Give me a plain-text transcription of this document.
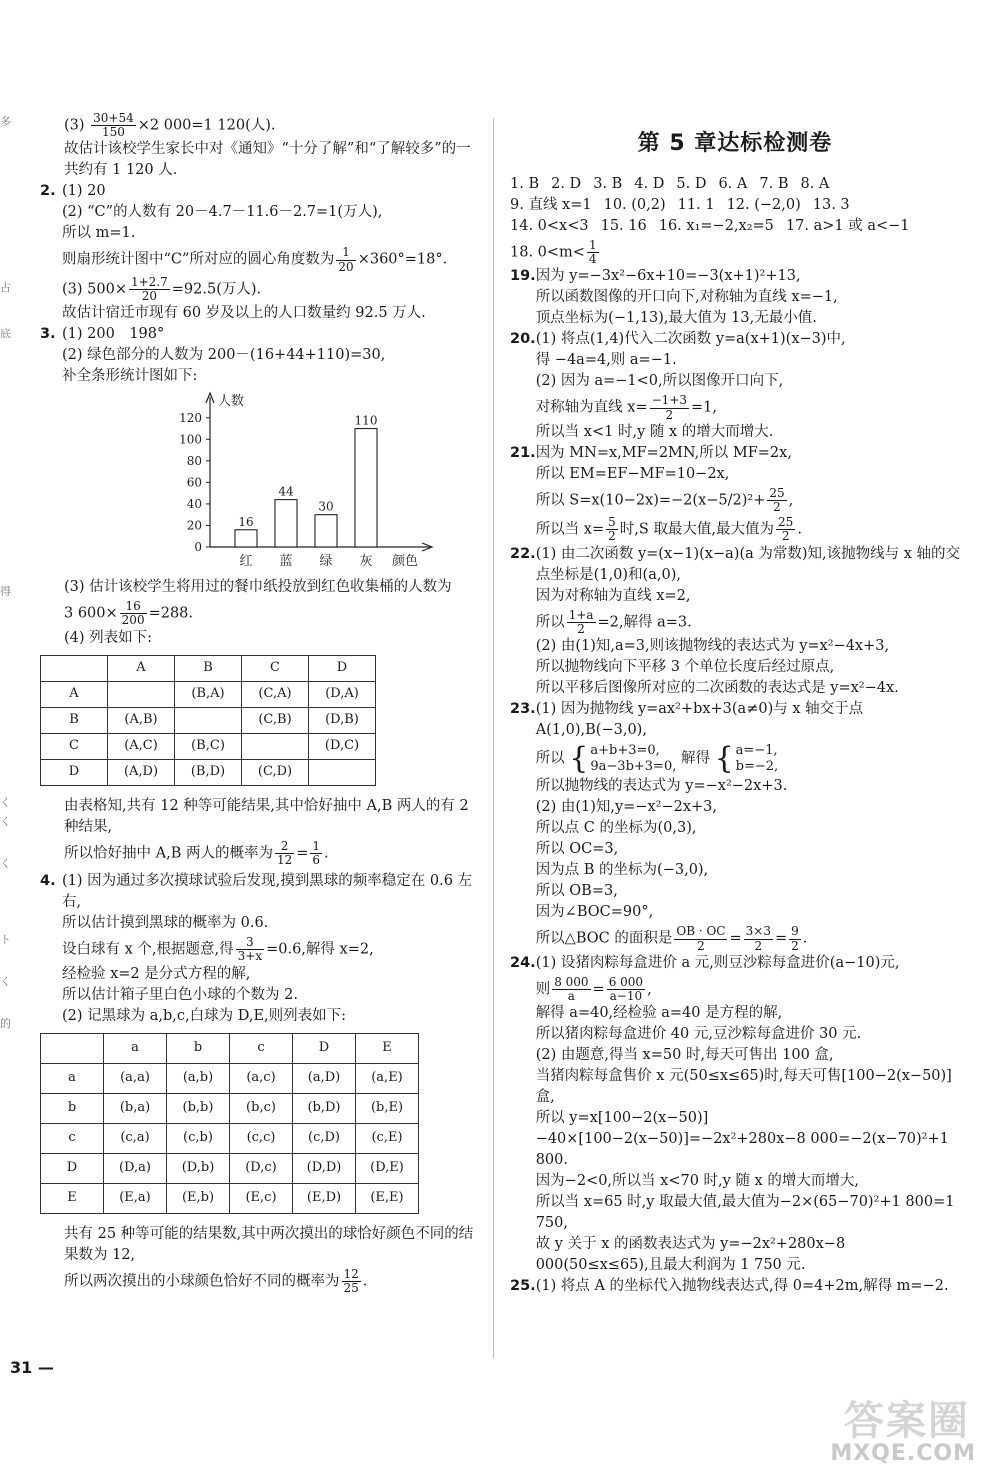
多
占
底
得
く
く
く
ト
く
的

$(3) \frac{30+54}{150} \times 2$ 000=1 120(人).

故估计该校学生家长中对《通知》“十分了解”和“了解较多”的一

共约有 1 120 人.

2. (1) 20

(2) “C”的人数有 20－4.7－11.6－2.7=1(万人),

所以 m=1.

则扇形统计图中“C”所对应的圆心角度数为 $\frac{1}{20} \times 360^\circ=18^\circ$.

(3) $500\times \frac{1+2.7}{20} =92.5$(万人).

故估计宿迁市现有 60 岁及以上的人口数量约 92.5 万人.

3. (1) 200　198°

(2) 绿色部分的人数为 200－(16+44+110)=30,

补全条形统计图如下:

人数
0
20
40
60
80
100
120
16
红
44
蓝
30
绿
110
灰 颜色

(3) 估计该校学生将用过的餐巾纸投放到红色收集桶的人数为

3 $600\times \frac{16}{200} =288$.

(4) 列表如下:

	A	B	C	D
A		(B,A)	(C,A)	(D,A)
B	(A,B)		(C,B)	(D,B)
C	(A,C)	(B,C)		(D,C)
D	(A,D)	(B,D)	(C,D)	

由表格知,共有 12 种等可能结果,其中恰好抽中 A,B 两人的有 2 种结果,

所以恰好抽中 A,B 两人的概率为 $\frac{2}{12} = \frac{1}{6}$ .

4. (1) 因为通过多次摸球试验后发现,摸到黑球的频率稳定在 0.6 左右,

所以估计摸到黑球的概率为 0.6.

设白球有 x 个,根据题意,得 $\frac{3}{3+x} =0.6$,解得 x=2,

经检验 x=2 是分式方程的解,

所以估计箱子里白色小球的个数为 2.

(2) 记黑球为 a,b,c,白球为 D,E,则列表如下:

	a	b	c	D	E
a	(a,a)	(a,b)	(a,c)	(a,D)	(a,E)
b	(b,a)	(b,b)	(b,c)	(b,D)	(b,E)
c	(c,a)	(c,b)	(c,c)	(c,D)	(c,E)
D	(D,a)	(D,b)	(D,c)	(D,D)	(D,E)
E	(E,a)	(E,b)	(E,c)	(E,D)	(E,E)

共有 25 种等可能的结果数,其中两次摸出的球恰好颜色不同的结果数为 12,

所以两次摸出的小球颜色恰好不同的概率为 $\frac{12}{25}$ .

第 5 章达标检测卷

1. B 2. D 3. B 4. D 5. D 6. A 7. B 8. A

9. 直线 x=1 10. (0,2) 11. 1 12. (−2,0) 13. 3

14. 0<x<3 15. 16 16. x₁=−2,x₂=5 17. a>1 或 a<−1

18. $0<m< \frac{1}{4}$

19. 因为 y=−3x²−6x+10=−3(x+1)²+13,

所以函数图像的开口向下,对称轴为直线 x=−1,

顶点坐标为(−1,13),最大值为 13,无最小值.

20. (1) 将点(1,4)代入二次函数 y=a(x+1)(x−3)中,

得 −4a=4,则 a=−1.

(2) 因为 a=−1<0,所以图像开口向下,

对称轴为直线 $x= \frac{-1+3}{2} =1$,

所以当 x<1 时,y 随 x 的增大而增大.

21. 因为 MN=x,MF=2MN,所以 MF=2x,

所以 EM=EF−MF=10−2x,

所以 $S=x(10-2x)=-2(x-5/2)^2+ \frac{25}{2}$ ,

所以当 $x= \frac{5}{2}$ 时,S 取最大值,最大值为 $\frac{25}{2}$ .

22. (1) 由二次函数 y=(x−1)(x−a)(a 为常数)知,该抛物线与 x 轴的交点坐标是(1,0)和(a,0),

因为对称轴为直线 x=2,

所以 $\frac{1+a}{2} =2$,解得 a=3.

(2) 由(1)知,a=3,则该抛物线的表达式为 y=x²−4x+3,

所以抛物线向下平移 3 个单位长度后经过原点,

所以平移后图像所对应的二次函数的表达式是 y=x²−4x.

23. (1) 因为抛物线 y=ax²+bx+3(a≠0)与 x 轴交于点 A(1,0),B(−3,0),

所以 { a+b+3=0,
9a−3b+3=0, 解得 { a=−1,
b=−2,

所以抛物线的表达式为 y=−x²−2x+3.

(2) 由(1)知,y=−x²−2x+3,

所以点 C 的坐标为(0,3),

所以 OC=3,

因为点 B 的坐标为(−3,0),

所以 OB=3,

因为∠BOC=90°,

所以△BOC 的面积是 $\frac{OB \cdot OC}{2} = \frac{3\times 3}{2} = \frac{9}{2}$ .

24. (1) 设猪肉粽每盒进价 a 元,则豆沙粽每盒进价(a−10)元,

则 $\frac{8 000}{a} = \frac{6 000}{a-10}$ ,

解得 a=40,经检验 a=40 是方程的解,

所以猪肉粽每盒进价 40 元,豆沙粽每盒进价 30 元.

(2) 由题意,得当 x=50 时,每天可售出 100 盒,

当猪肉粽每盒售价 x 元(50≤x≤65)时,每天可售[100−2(x−50)]盒,

所以 y=x[100−2(x−50)]−40×[100−2(x−50)]=−2x²+280x−8 000=−2(x−70)²+1 800.

因为−2<0,所以当 x<70 时,y 随 x 的增大而增大,

所以当 x=65 时,y 取最大值,最大值为−2×(65−70)²+1 800=1 750,

故 y 关于 x 的函数表达式为 y=−2x²+280x−8 000(50≤x≤65),且最大利润为 1 750 元.

25. (1) 将点 A 的坐标代入抛物线表达式,得 0=4+2m,解得 m=−2.

31 —
答案圈
MXQE.COM
